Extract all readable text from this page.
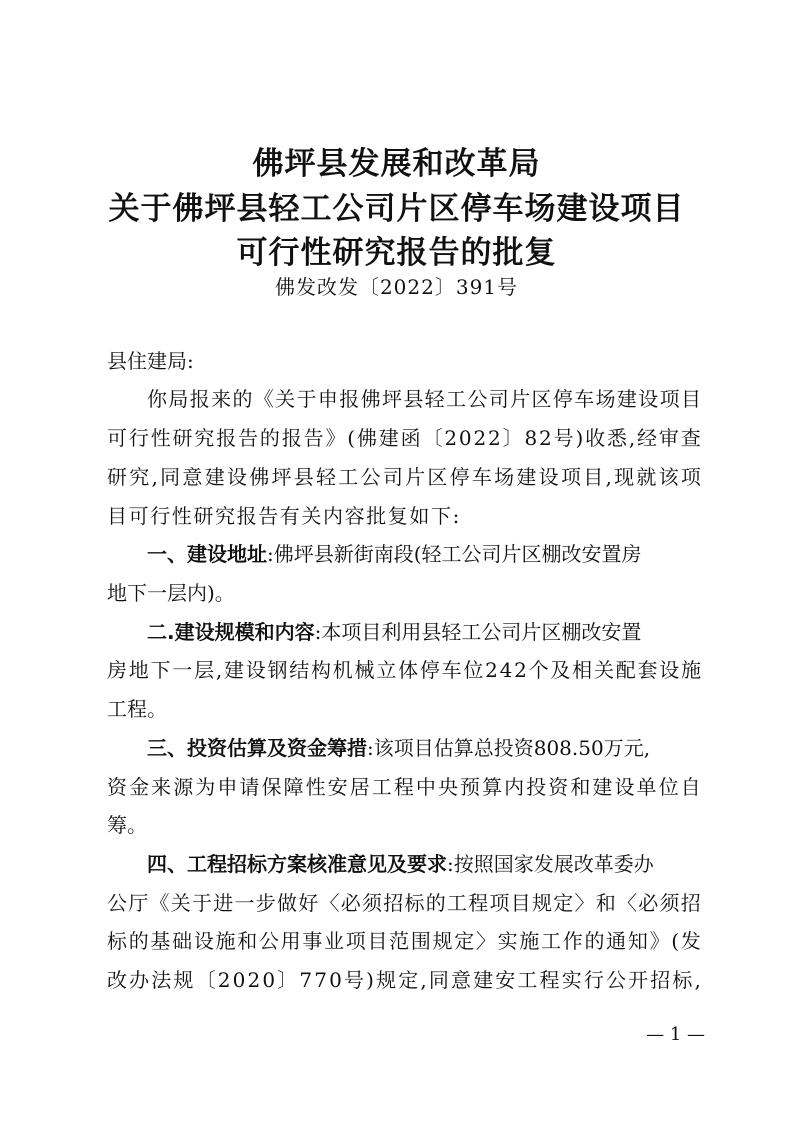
佛坪县发展和改革局
关于佛坪县轻工公司片区停车场建设项目
可行性研究报告的批复
佛发改发〔2022〕391号
县住建局:
你 局 报 来 的 《 关 于 申 报 佛 坪 县 轻 工 公 司 片 区 停 车 场 建 设 项 目
可 行 性 研 究 报 告 的 报 告 》 ( 佛 建 函 〔 2 0 2 2 〕 8 2 号 ) 收 悉 , 经 审 查
研 究 , 同 意 建 设 佛 坪 县 轻 工 公 司 片 区 停 车 场 建 设 项 目 , 现 就 该 项
目可行性研究报告有关内容批复如下:
一、建设地址:佛坪县新街南段(轻工公司片区棚改安置房
地下一层内)。
二.建设规模和内容:本项目利用县轻工公司片区棚改安置
房 地 下 一 层 , 建 设 钢 结 构 机 械 立 体 停 车 位 2 4 2 个 及 相 关 配 套 设 施
工程。
三、投资估算及资金筹措:该项目估算总投资808.50万元,
资 金 来 源 为 申 请 保 障 性 安 居 工 程 中 央 预 算 内 投 资 和 建 设 单 位 自
筹。
四、工程招标方案核准意见及要求:按照国家发展改革委办
公 厅 《 关 于 进 一 步 做 好 〈 必 须 招 标 的 工 程 项 目 规 定 〉 和 〈 必 须 招
标 的 基 础 设 施 和 公 用 事 业 项 目 范 围 规 定 〉 实 施 工 作 的 通 知 》 ( 发
改 办 法 规 〔 2 0 2 0 〕 7 7 0 号 ) 规 定 , 同 意 建 安 工 程 实 行 公 开 招 标 ,
— 1 —
